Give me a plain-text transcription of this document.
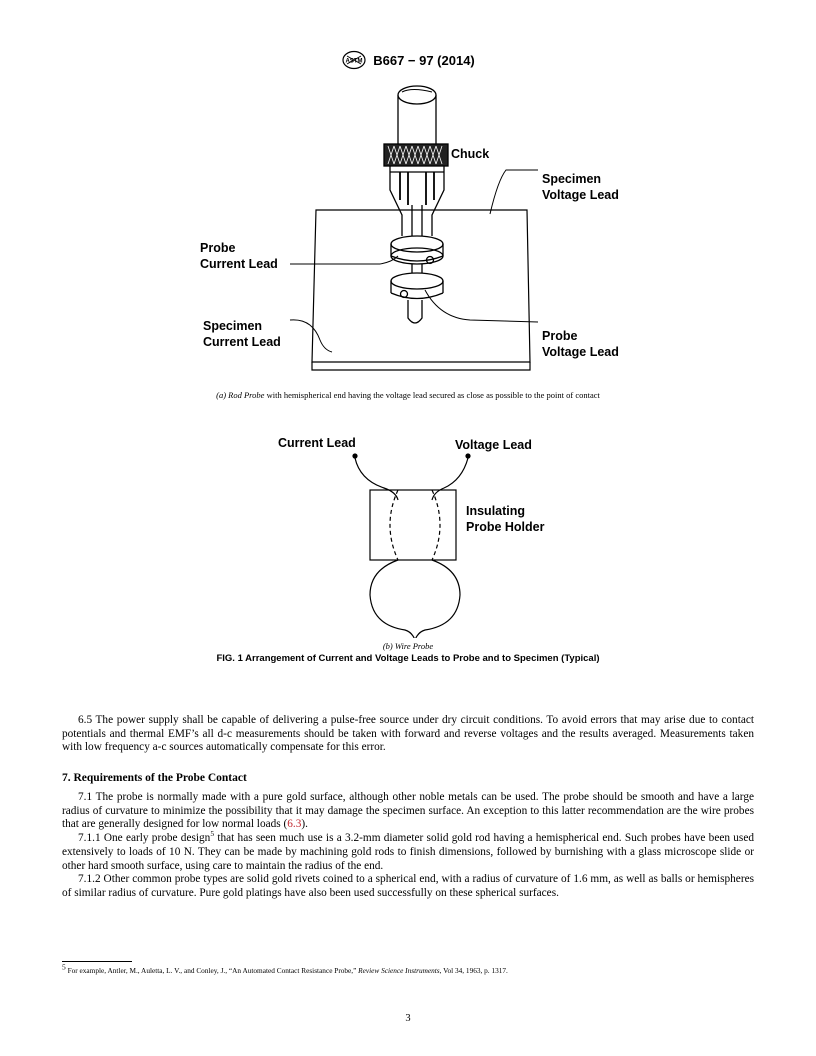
ASTM B667 − 97 (2014)
Chuck
Specimen
Voltage Lead
Probe
Current Lead
Specimen
Current Lead	Probe
Voltage Lead
(a) Rod Probe with hemispherical end having the voltage lead secured as close as possible to the point of contact
Current Lead	Voltage Lead
Insulating
Probe Holder
(b) Wire Probe
FIG. 1 Arrangement of Current and Voltage Leads to Probe and to Specimen (Typical)

6.5 The power supply shall be capable of delivering a pulse-free source under dry circuit conditions. To avoid errors that may arise due to contact potentials and thermal EMF’s all d-c measurements should be taken with forward and reverse voltages and the results averaged. Measurements taken with low frequency a-c sources automatically compensate for this error.

7. Requirements of the Probe Contact

7.1 The probe is normally made with a pure gold surface, although other noble metals can be used. The probe should be smooth and have a large radius of curvature to minimize the possibility that it may damage the specimen surface. An exception to this latter recommendation are the wire probes that are generally designed for low normal loads (6.3).

7.1.1 One early probe design$^5$ that has seen much use is a 3.2-mm diameter solid gold rod having a hemispherical end. Such probes have been used extensively to loads of 10 N. They can be made by machining gold rods to finish dimensions, followed by burnishing with a glass microscope slide or other hard smooth surface, using care to maintain the radius of the end.

7.1.2 Other common probe types are solid gold rivets coined to a spherical end, with a radius of curvature of 1.6 mm, as well as balls or hemispheres of similar radius of curvature. Pure gold platings have also been used successfully on these spherical surfaces.

$^5$ For example, Antler, M., Auletta, L. V., and Conley, J., “An Automated Contact Resistance Probe,” Review Science Instruments, Vol 34, 1963, p. 1317.
3
